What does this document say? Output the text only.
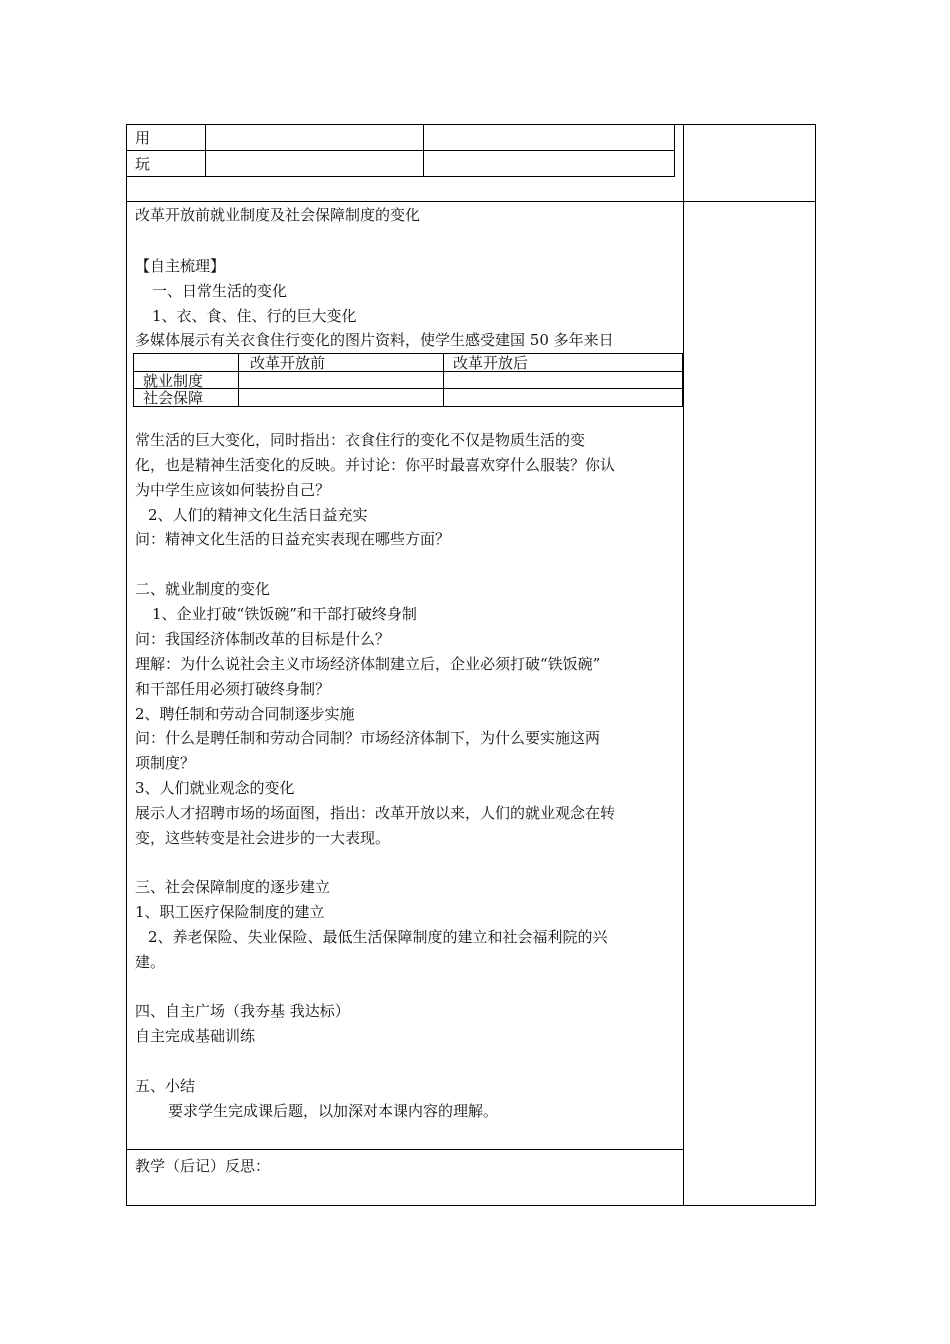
用
玩
改革开放前就业制度及社会保障制度的变化
【自主梳理】
一、日常生活的变化
1、衣、食、住、行的巨大变化
多媒体展示有关衣食住行变化的图片资料，使学生感受建国 50 多年来日
改革开放前	改革开放后
就业制度
社会保障
常生活的巨大变化，同时指出：衣食住行的变化不仅是物质生活的变
化，也是精神生活变化的反映。并讨论：你平时最喜欢穿什么服装？你认
为中学生应该如何装扮自己？
2、人们的精神文化生活日益充实
问：精神文化生活的日益充实表现在哪些方面？
二、就业制度的变化
1、企业打破“铁饭碗”和干部打破终身制
问：我国经济体制改革的目标是什么？
理解：为什么说社会主义市场经济体制建立后，企业必须打破“铁饭碗”
和干部任用必须打破终身制？
2、聘任制和劳动合同制逐步实施
问：什么是聘任制和劳动合同制？市场经济体制下，为什么要实施这两
项制度？
3、人们就业观念的变化
展示人才招聘市场的场面图，指出：改革开放以来，人们的就业观念在转
变，这些转变是社会进步的一大表现。
三、社会保障制度的逐步建立
1、职工医疗保险制度的建立
2、养老保险、失业保险、最低生活保障制度的建立和社会福利院的兴
建。
四、自主广场（我夯基 我达标）
自主完成基础训练
五、小结
要求学生完成课后题，以加深对本课内容的理解。
教学（后记）反思：
